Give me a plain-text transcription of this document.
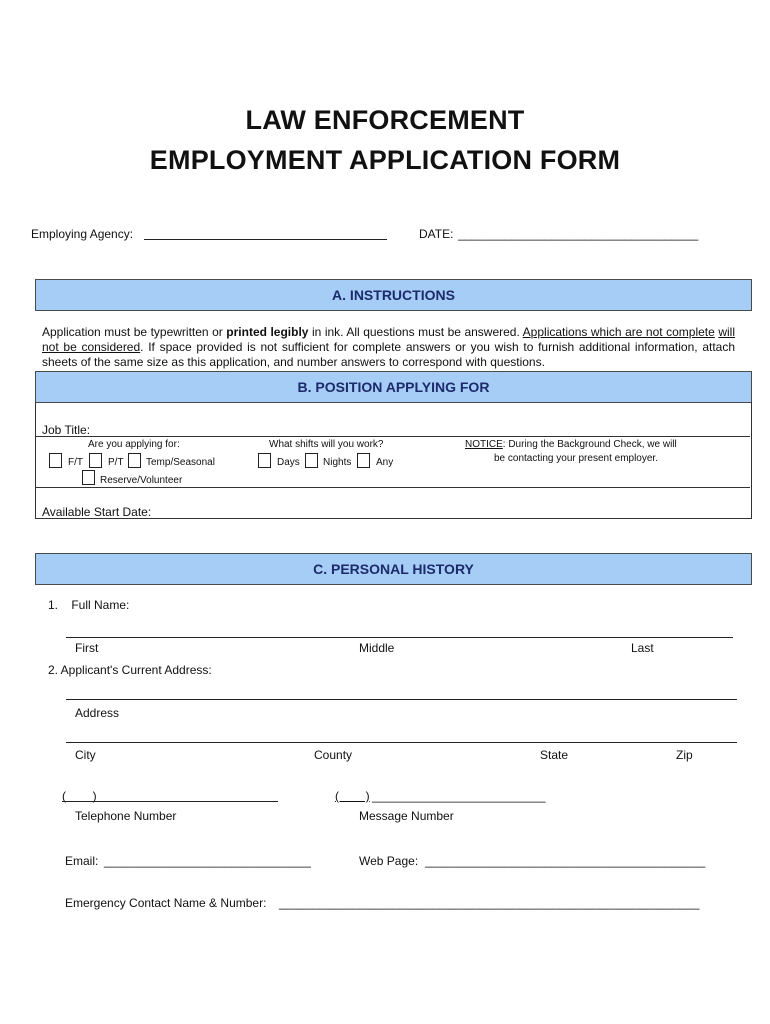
LAW ENFORCEMENT
EMPLOYMENT APPLICATION FORM
Employing Agency:	DATE: ____________________________________
A. INSTRUCTIONS
Application must be typewritten or printed legibly in ink. All questions must be answered. Applications which are not complete will not be considered. If space provided is not sufficient for complete answers or you wish to furnish additional information, attach sheets of the same size as this application, and number answers to correspond with questions.
B. POSITION APPLYING FOR
Job Title:
Are you applying for:
F/T	P/T Temp/Seasonal
Reserve/Volunteer
What shifts will you work?
Days Nights Any
NOTICE: During the Background Check, we will
be contacting your present employer.
Available Start Date:
C. PERSONAL HISTORY
1.    Full Name:
First	Middle	Last
2. Applicant's Current Address:
Address
City	County	State	Zip
(        )
Telephone Number
(        ) __________________________
Message Number
Email: _______________________________	Web Page: __________________________________________
Emergency Contact Name & Number: _______________________________________________________________
